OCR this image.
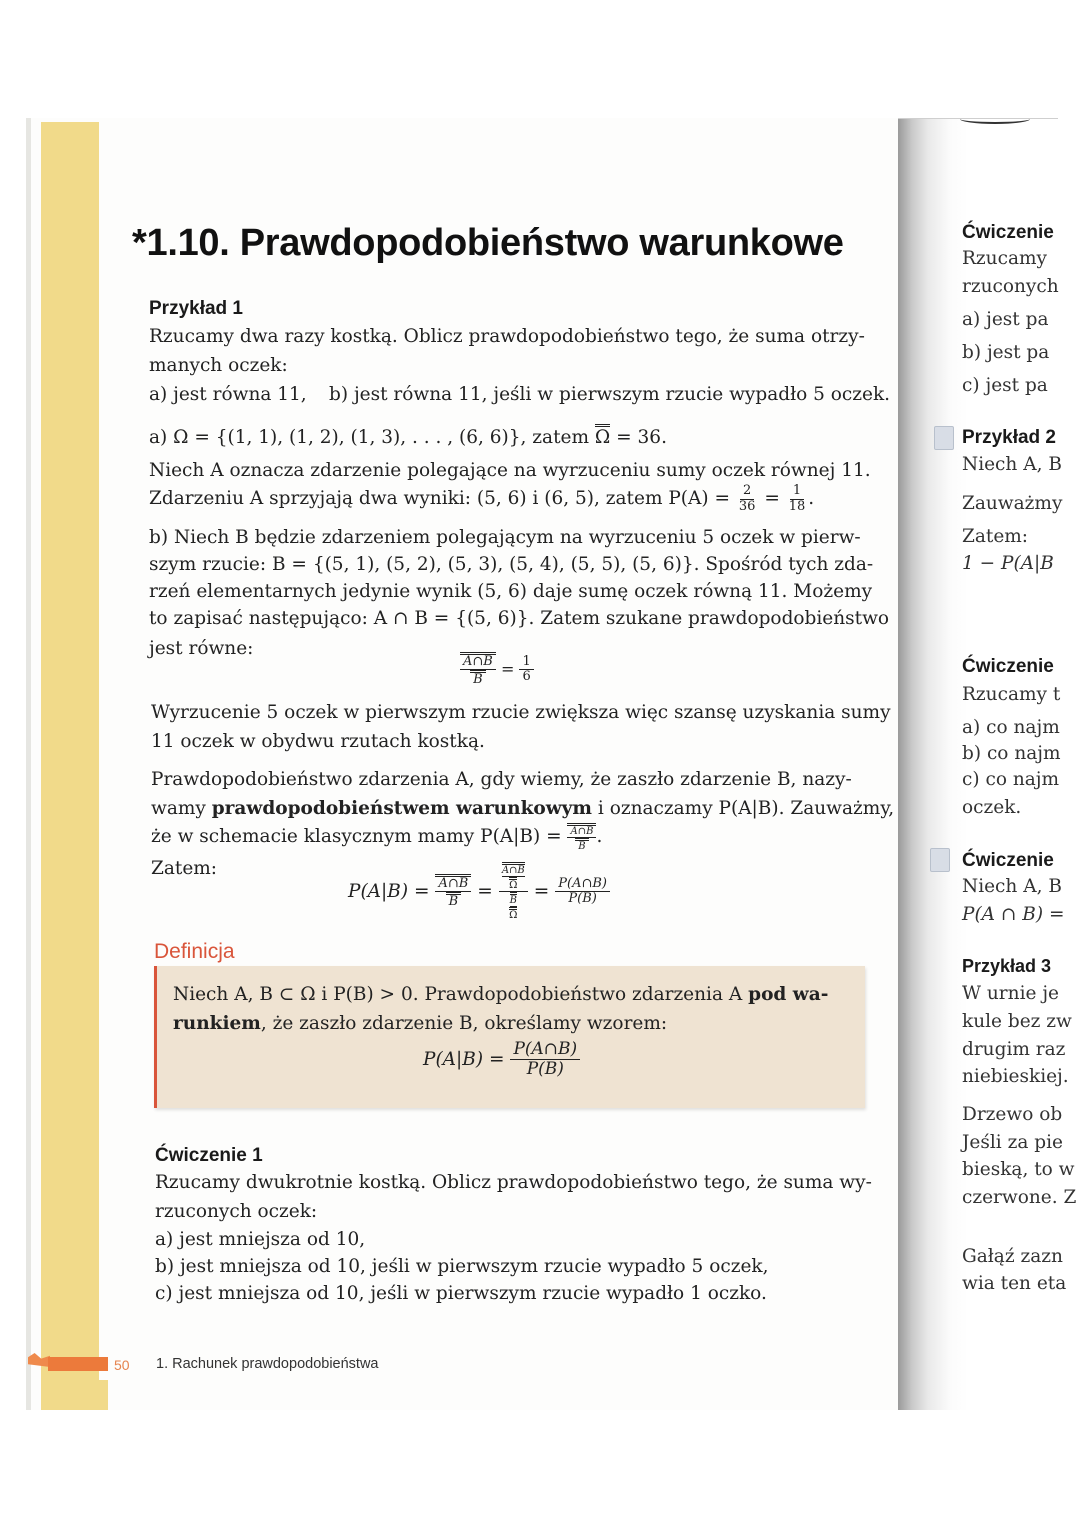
*1.10. Prawdopodobieństwo warunkowe
Przykład 1
Rzucamy dwa razy kostką. Oblicz prawdopodobieństwo tego, że suma otrzy-
manych oczek:
a) jest równa 11, b) jest równa 11, jeśli w pierwszym rzucie wypadło 5 oczek.
a) Ω = {(1, 1), (1, 2), (1, 3), . . . , (6, 6)}, zatem Ω = 36.
Niech A oznacza zdarzenie polegające na wyrzuceniu sumy oczek równej 11.
Zdarzeniu A sprzyjają dwa wyniki: (5, 6) i (6, 5), zatem $P(A) = \frac{2}{36} = \frac{1}{18}$ .
b) Niech B będzie zdarzeniem polegającym na wyrzuceniu 5 oczek w pierw-
szym rzucie: B = {(5, 1), (5, 2), (5, 3), (5, 4), (5, 5), (5, 6)}. Spośród tych zda-
rzeń elementarnych jedynie wynik (5, 6) daje sumę oczek równą 11. Możemy
to zapisać następująco: A ∩ B = {(5, 6)}. Zatem szukane prawdopodobieństwo
jest równe:
$\frac{A\cap B}{B} = \frac{1}{6}$
Wyrzucenie 5 oczek w pierwszym rzucie zwiększa więc szansę uzyskania sumy
11 oczek w obydwu rzutach kostką.
Prawdopodobieństwo zdarzenia A, gdy wiemy, że zaszło zdarzenie B, nazy-
wamy prawdopodobieństwem warunkowym i oznaczamy P(A|B). Zauważmy,
że w schemacie klasycznym mamy $P(A|B) = \frac{A\cap B}{B}$ .
Zatem:
$P(A|B) = \frac{A\cap B}{B} = \frac{\frac{A\cap B}{\Omega}}{\frac{B}{\Omega}} = \frac{P(A\cap B)}{P(B)}$
Definicja
Niech A, B ⊂ Ω i P(B) > 0. Prawdopodobieństwo zdarzenia A pod wa-
runkiem, że zaszło zdarzenie B, określamy wzorem:
$P(A|B) = \frac{P(A\cap B)}{P(B)}$
Ćwiczenie 1
Rzucamy dwukrotnie kostką. Oblicz prawdopodobieństwo tego, że suma wy-
rzuconych oczek:
a) jest mniejsza od 10,
b) jest mniejsza od 10, jeśli w pierwszym rzucie wypadło 5 oczek,
c) jest mniejsza od 10, jeśli w pierwszym rzucie wypadło 1 oczko.
50 1. Rachunek prawdopodobieństwa
Ćwiczenie
Rzucamy
rzuconych
a) jest pa
b) jest pa
c) jest pa
Przykład 2
Niech A, B
Zauważmy
Zatem:
1 − P(A|B
Ćwiczenie
Rzucamy t
a) co najm
b) co najm
c) co najm
oczek.
Ćwiczenie
Niech A, B
P(A ∩ B) =
Przykład 3
W urnie je
kule bez zw
drugim raz
niebieskiej.
Drzewo ob
Jeśli za pie
bieską, to w
czerwone. Z
Gałąź zazn
wia ten eta
